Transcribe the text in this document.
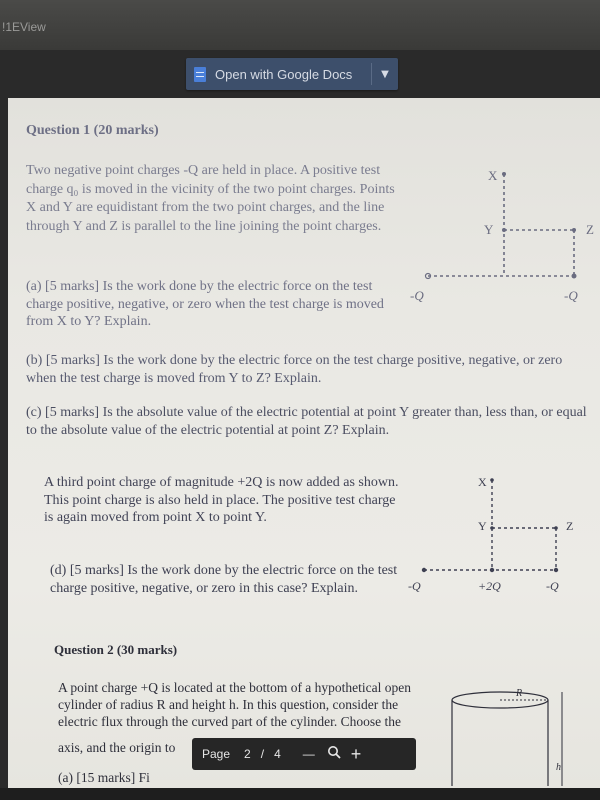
!1EView
Open with Google Docs	▼
Question 1 (20 marks)
Two negative point charges -Q are held in place. A positive test charge q₀ is moved in the vicinity of the two point charges. Points X and Y are equidistant from the two point charges, and the line through Y and Z is parallel to the line joining the point charges.
X
Y	Z
-Q	-Q
(a) [5 marks] Is the work done by the electric force on the test charge positive, negative, or zero when the test charge is moved from X to Y? Explain.
(b) [5 marks] Is the work done by the electric force on the test charge positive, negative, or zero when the test charge is moved from Y to Z? Explain.
(c) [5 marks] Is the absolute value of the electric potential at point Y greater than, less than, or equal to the absolute value of the electric potential at point Z? Explain.
A third point charge of magnitude +2Q is now added as shown. This point charge is also held in place. The positive test charge is again moved from point X to point Y.
X
Y	Z
-Q	+2Q	-Q
(d) [5 marks] Is the work done by the electric force on the test charge positive, negative, or zero in this case? Explain.
Question 2 (30 marks)
A point charge +Q is located at the bottom of a hypothetical open cylinder of radius R and height h. In this question, consider the electric flux through the curved part of the cylinder. Choose the
axis, and the origin to
(a) [15 marks] Fi
R
h
Page 2 / 4 — +
